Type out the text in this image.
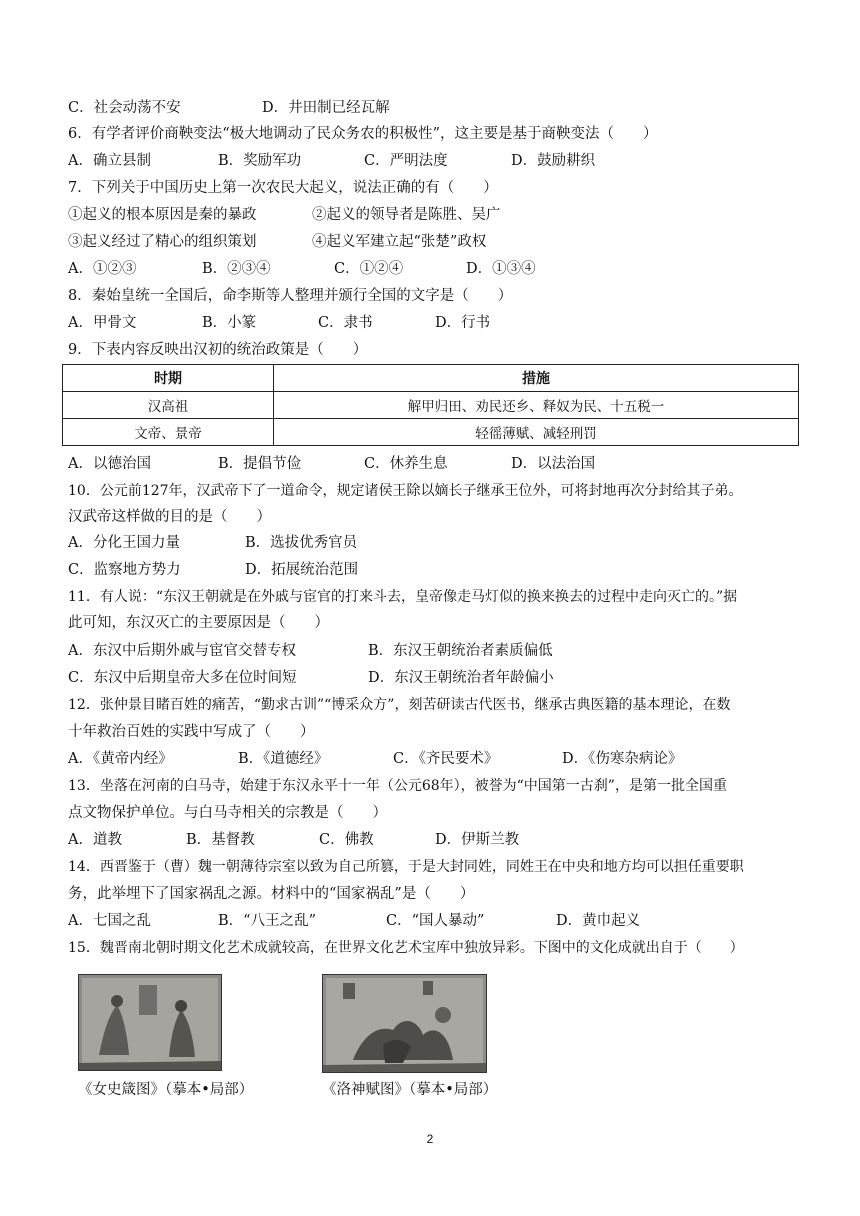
C．社会动荡不安	D．井田制已经瓦解
6．有学者评价商鞅变法“极大地调动了民众务农的积极性”，这主要是基于商鞅变法（　　）
A．确立县制	B．奖励军功	C．严明法度	D．鼓励耕织
7．下列关于中国历史上第一次农民大起义，说法正确的有（　　）
①起义的根本原因是秦的暴政	②起义的领导者是陈胜、吴广
③起义经过了精心的组织策划	④起义军建立起“张楚”政权
A．①②③	B．②③④	C．①②④	D．①③④
8．秦始皇统一全国后，命李斯等人整理并颁行全国的文字是（　　）
A．甲骨文	B．小篆	C．隶书	D．行书
9．下表内容反映出汉初的统治政策是（　　）
时期	措施
汉高祖	解甲归田、劝民还乡、释奴为民、十五税一
文帝、景帝	轻徭薄赋、减轻刑罚
A．以德治国	B．提倡节俭	C．休养生息	D．以法治国
10．公元前127年，汉武帝下了一道命令，规定诸侯王除以嫡长子继承王位外，可将封地再次分封给其子弟。
汉武帝这样做的目的是（　　）
A．分化王国力量	B．选拔优秀官员
C．监察地方势力	D．拓展统治范围
11．有人说：“东汉王朝就是在外戚与宦官的打来斗去，皇帝像走马灯似的换来换去的过程中走向灭亡的。”据
此可知，东汉灭亡的主要原因是（　　）
A．东汉中后期外戚与宦官交替专权	B．东汉王朝统治者素质偏低
C．东汉中后期皇帝大多在位时间短	D．东汉王朝统治者年龄偏小
12．张仲景目睹百姓的痛苦，“勤求古训”“博采众方”，刻苦研读古代医书，继承古典医籍的基本理论，在数
十年救治百姓的实践中写成了（　　）
A．《黄帝内经》	B．《道德经》	C．《齐民要术》	D．《伤寒杂病论》
13．坐落在河南的白马寺，始建于东汉永平十一年（公元68年），被誉为“中国第一古刹”，是第一批全国重
点文物保护单位。与白马寺相关的宗教是（　　）
A．道教	B．基督教	C．佛教	D．伊斯兰教
14．西晋鉴于（曹）魏一朝薄待宗室以致为自己所篡，于是大封同姓，同姓王在中央和地方均可以担任重要职
务，此举埋下了国家祸乱之源。材料中的“国家祸乱”是（　　）
A．七国之乱	B．“八王之乱”	C．“国人暴动”	D．黄巾起义
15．魏晋南北朝时期文化艺术成就较高，在世界文化艺术宝库中独放异彩。下图中的文化成就出自于（　　）
《女史箴图》（摹本•局部）	《洛神赋图》（摹本•局部）
2
